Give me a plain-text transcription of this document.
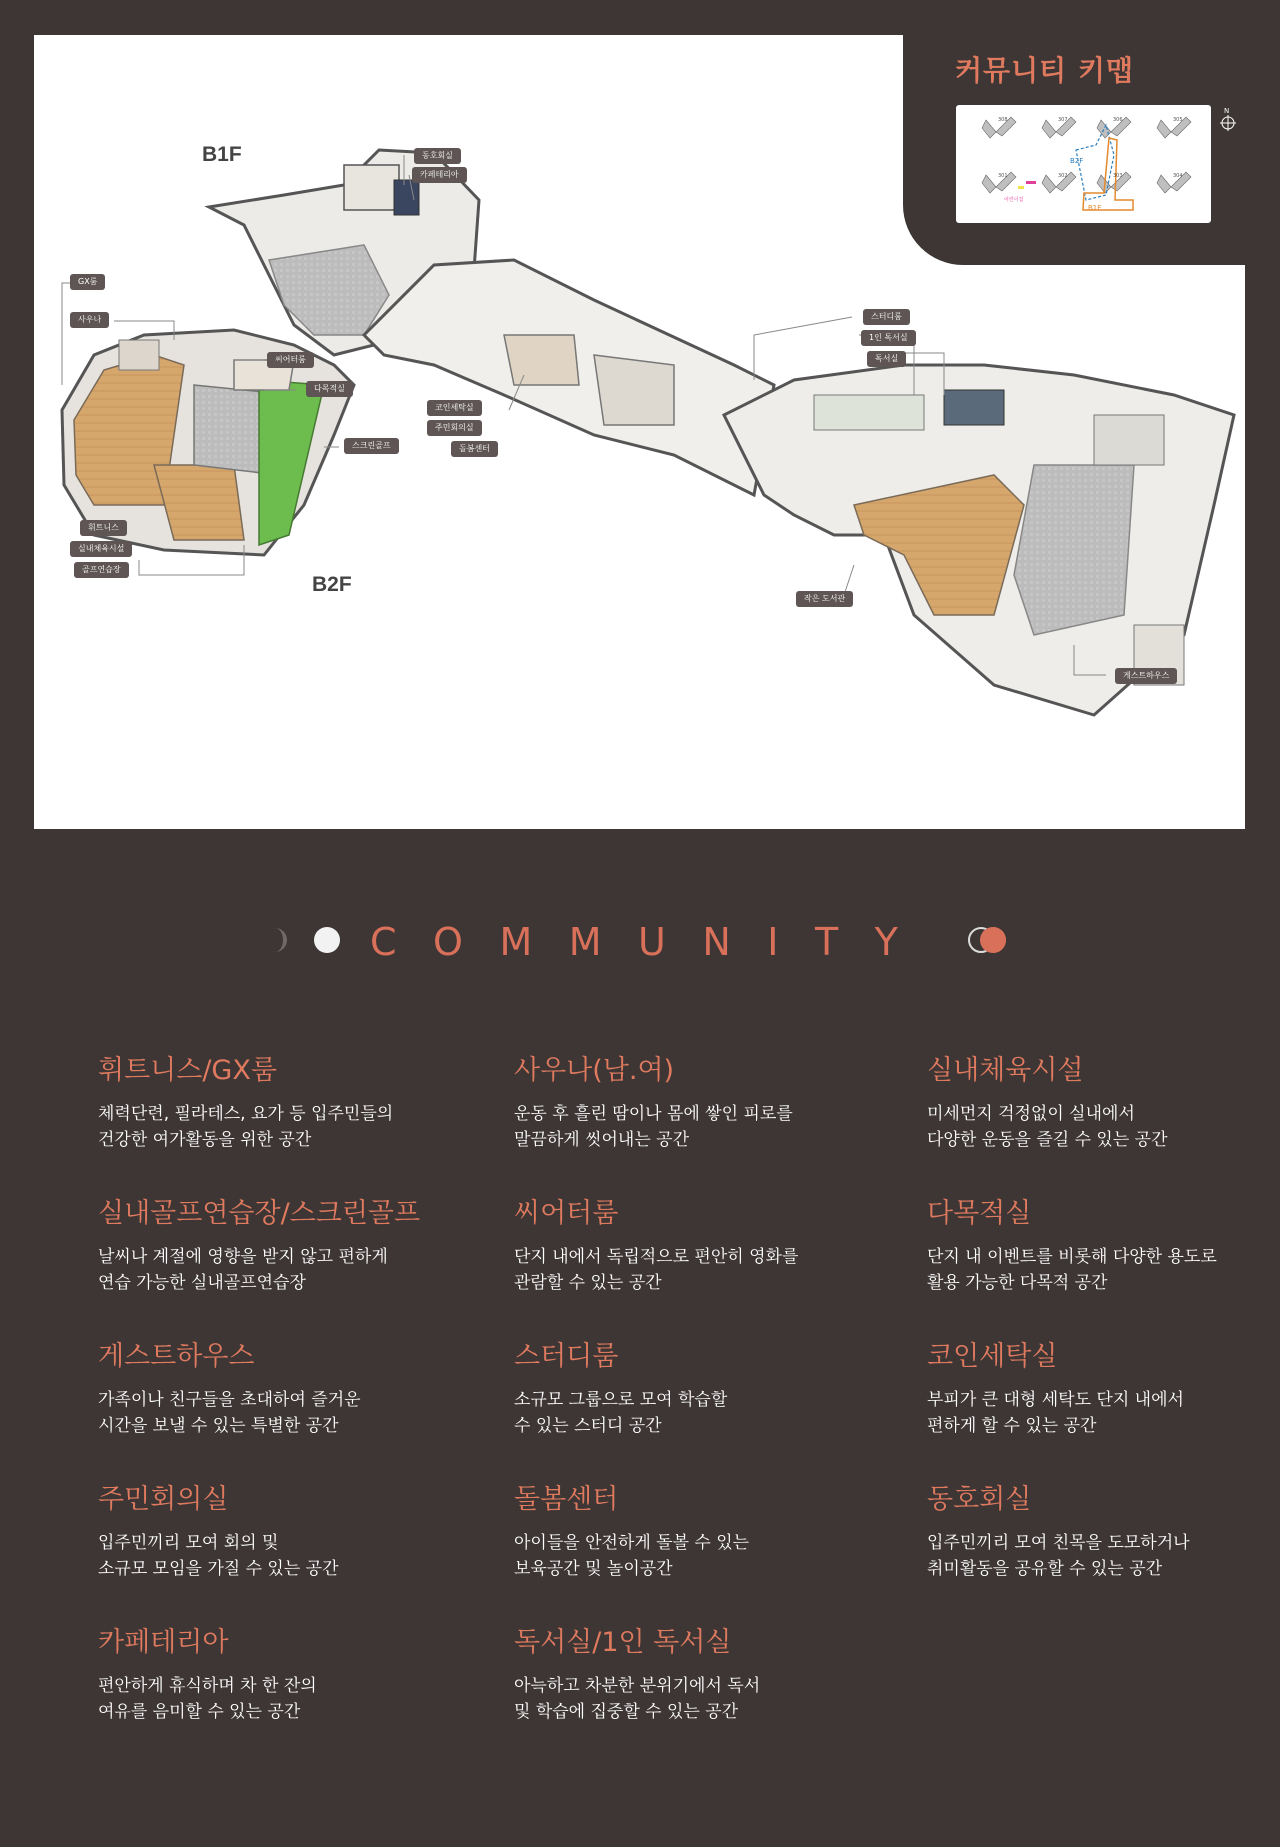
B1F
B2F
동호회실
카페테리아
GX룸
사우나
씨어터룸
다목적실
스크린골프
코인세탁실
주민회의실
돌봄센터
휘트니스
실내체육시설
골프연습장
스터디룸
1인 독서실
독서실
작은 도서관
게스트하우스
커뮤니티 키맵
308	307	306	305
301	302	303	304
B2F
B1F
어린이집
N
COMMUNITY
휘트니스/GX룸
체력단련, 필라테스, 요가 등 입주민들의
건강한 여가활동을 위한 공간
사우나(남.여)
운동 후 흘린 땀이나 몸에 쌓인 피로를
말끔하게 씻어내는 공간
실내체육시설
미세먼지 걱정없이 실내에서
다양한 운동을 즐길 수 있는 공간
실내골프연습장/스크린골프
날씨나 계절에 영향을 받지 않고 편하게
연습 가능한 실내골프연습장
씨어터룸
단지 내에서 독립적으로 편안히 영화를
관람할 수 있는 공간
다목적실
단지 내 이벤트를 비롯해 다양한 용도로
활용 가능한 다목적 공간
게스트하우스
가족이나 친구들을 초대하여 즐거운
시간을 보낼 수 있는 특별한 공간
스터디룸
소규모 그룹으로 모여 학습할
수 있는 스터디 공간
코인세탁실
부피가 큰 대형 세탁도 단지 내에서
편하게 할 수 있는 공간
주민회의실
입주민끼리 모여 회의 및
소규모 모임을 가질 수 있는 공간
돌봄센터
아이들을 안전하게 돌볼 수 있는
보육공간 및 놀이공간
동호회실
입주민끼리 모여 친목을 도모하거나
취미활동을 공유할 수 있는 공간
카페테리아
편안하게 휴식하며 차 한 잔의
여유를 음미할 수 있는 공간
독서실/1인 독서실
아늑하고 차분한 분위기에서 독서
및 학습에 집중할 수 있는 공간
